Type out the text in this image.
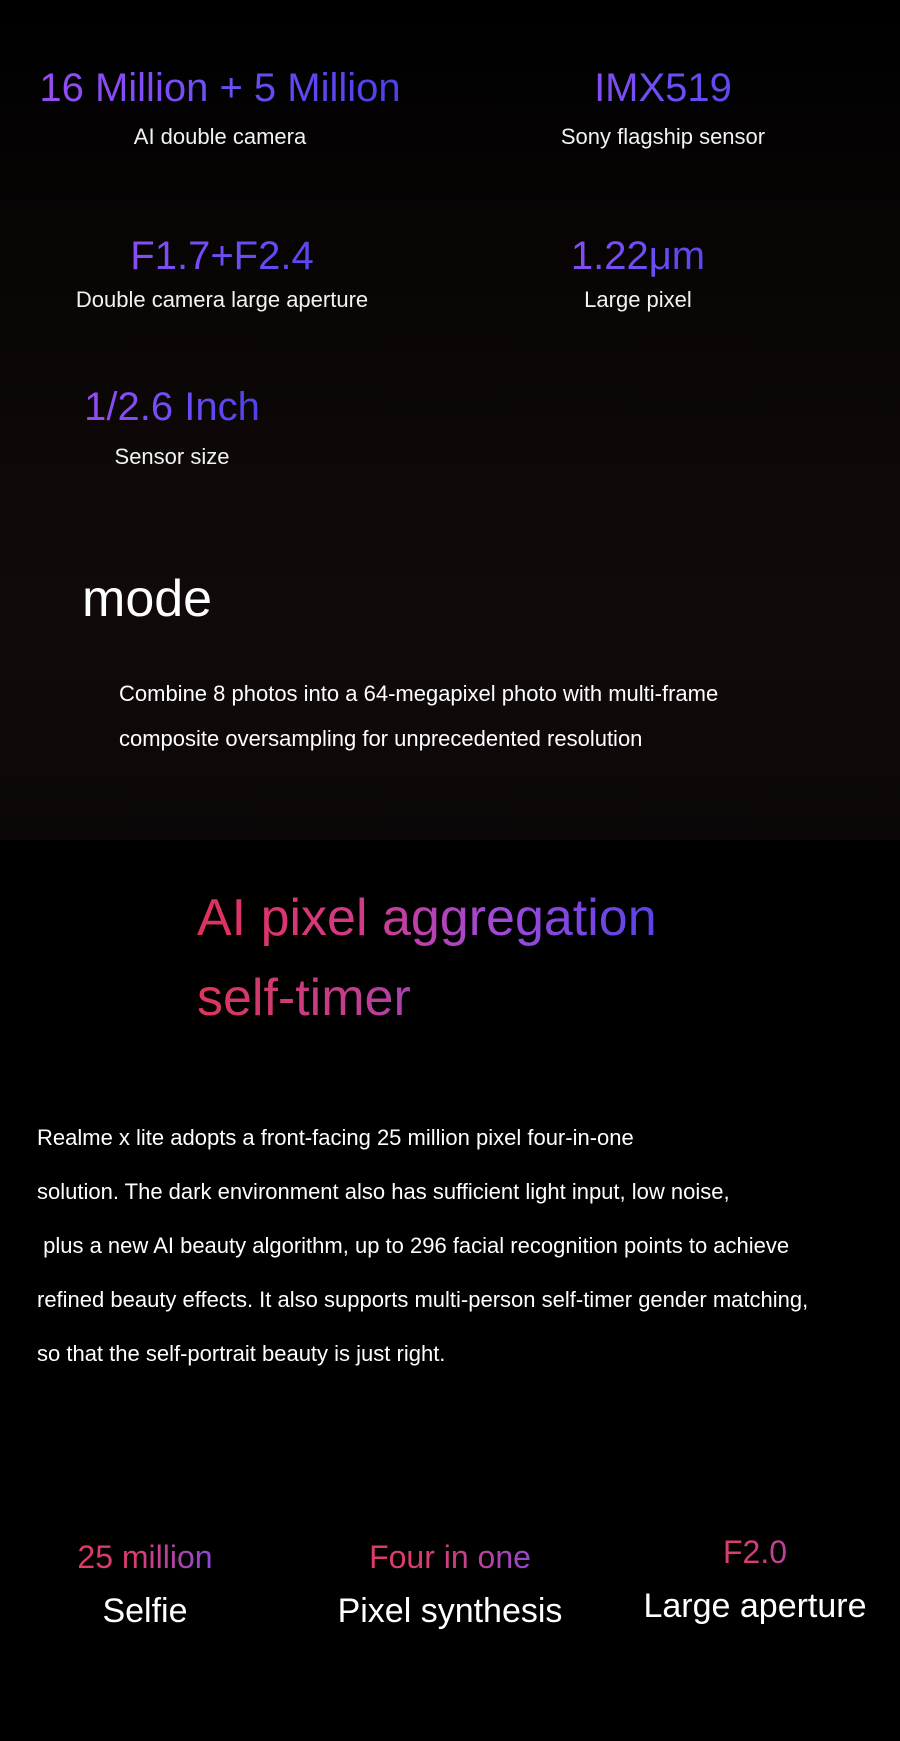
16 Million + 5 Million
AI double camera
IMX519
Sony flagship sensor
F1.7+F2.4
Double camera large aperture
1.22μm
Large pixel
1/2.6 Inch
Sensor size
mode
Combine 8 photos into a 64-megapixel photo with multi-frame
composite oversampling for unprecedented resolution
AI pixel aggregation
self-timer

Realme x lite adopts a front-facing 25 million pixel four-in-one

solution. The dark environment also has sufficient light input, low noise,

plus a new AI beauty algorithm, up to 296 facial recognition points to achieve

refined beauty effects. It also supports multi-person self-timer gender matching,

so that the self-portrait beauty is just right.

25 million
Selfie
Four in one
Pixel synthesis
F2.0
Large aperture
